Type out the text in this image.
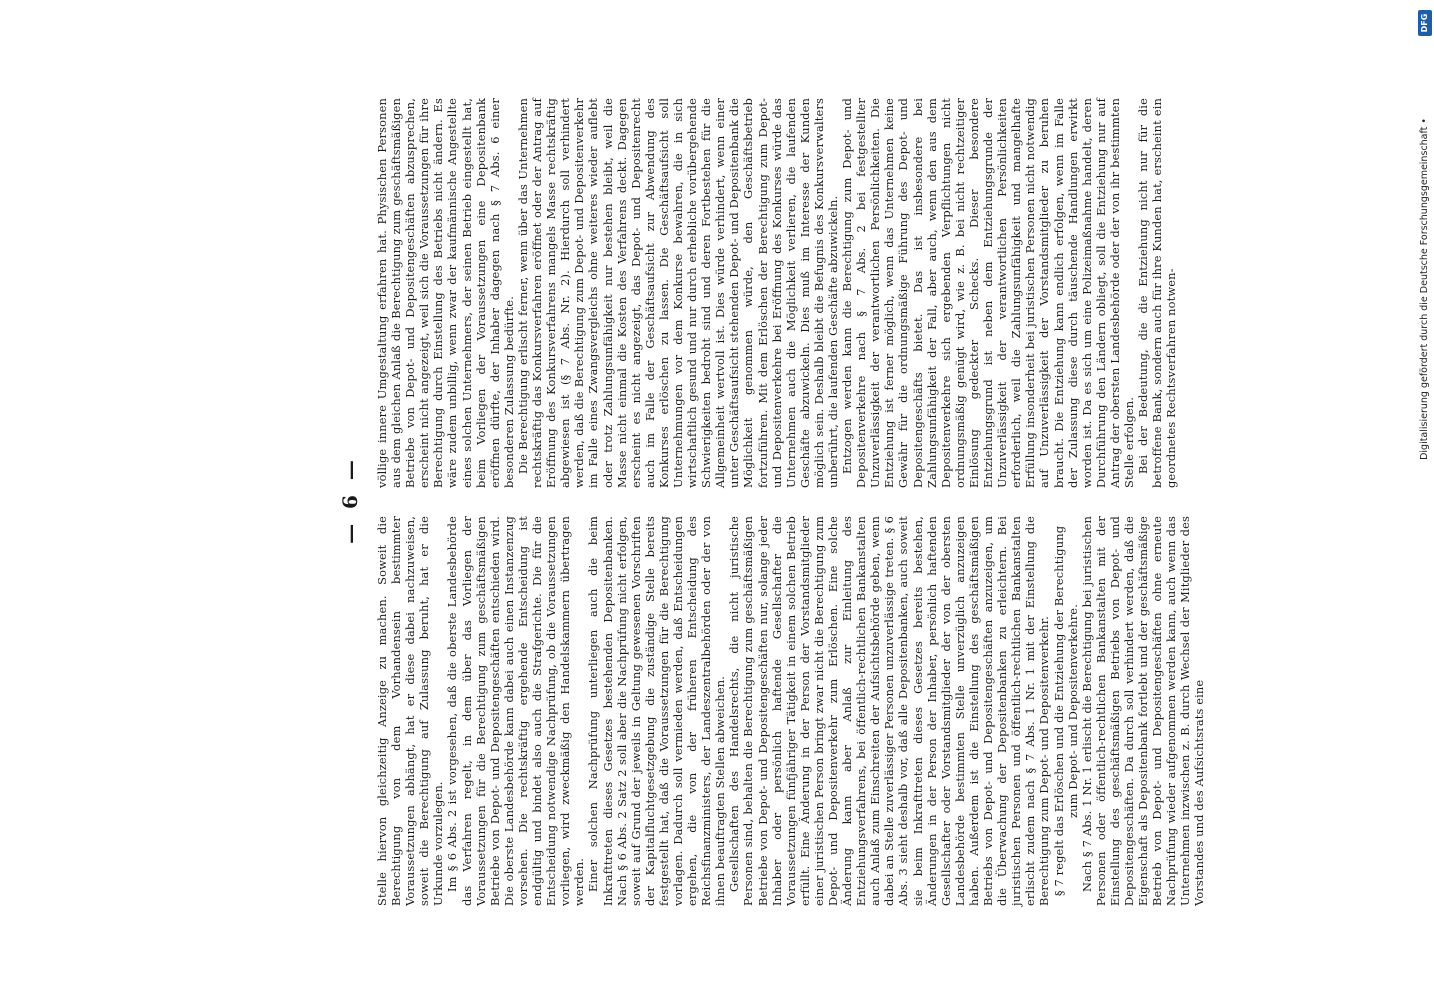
— 6 —

Stelle hiervon gleichzeitig Anzeige zu machen. Soweit die Berechtigung von dem Vorhandensein bestimmter Voraussetzungen abhängt, hat er diese dabei nachzuweisen, soweit die Berechtigung auf Zulassung beruht, hat er die Urkunde vorzulegen. Im § 6 Abs. 2 ist vorgesehen, daß die oberste Landesbehörde das Verfahren regelt, in dem über das Vorliegen der Voraussetzungen für die Berechtigung zum geschäftsmäßigen Betriebe von Depot- und Depositengeschäften entschieden wird. Die oberste Landesbehörde kann dabei auch einen Instanzenzug vorsehen. Die rechtskräftig ergehende Entscheidung ist endgültig und bindet also auch die Strafgerichte. Die für die Entscheidung notwendige Nachprüfung, ob die Voraussetzungen vorliegen, wird zweckmäßig den Handelskammern übertragen werden. Einer solchen Nachprüfung unterliegen auch die beim Inkrafttreten dieses Gesetzes bestehenden Depositenbanken. Nach § 6 Abs. 2 Satz 2 soll aber die Nachprüfung nicht erfolgen, soweit auf Grund der jeweils in Geltung gewesenen Vorschriften der Kapitalfluchtgesetzgebung die zuständige Stelle bereits festgestellt hat, daß die Voraussetzungen für die Berechtigung vorlagen. Dadurch soll vermieden werden, daß Entscheidungen ergehen, die von der früheren Entscheidung des Reichsfinanzministers, der Landeszentralbehörden oder der von ihnen beauftragten Stellen abweichen. Gesellschaften des Handelsrechts, die nicht juristische Personen sind, behalten die Berechtigung zum geschäftsmäßigen Betriebe von Depot- und Depositengeschäften nur, solange jeder Inhaber oder persönlich haftende Gesellschafter die Voraussetzungen fünfjähriger Tätigkeit in einem solchen Betrieb erfüllt. Eine Änderung in der Person der Vorstandsmitglieder einer juristischen Person bringt zwar nicht die Berechtigung zum Depot- und Depositenverkehr zum Erlöschen. Eine solche Änderung kann aber Anlaß zur Einleitung des Entziehungsverfahrens, bei öffentlich-rechtlichen Bankanstalten auch Anlaß zum Einschreiten der Aufsichtsbehörde geben, wenn dabei an Stelle zuverlässiger Personen unzuverlässige treten. § 6 Abs. 3 sieht deshalb vor, daß alle Depositenbanken, auch soweit sie beim Inkrafttreten dieses Gesetzes bereits bestehen, Änderungen in der Person der Inhaber, persönlich haftenden Gesellschafter oder Vorstandsmitglieder der von der obersten Landesbehörde bestimmten Stelle unverzüglich anzuzeigen haben. Außerdem ist die Einstellung des geschäftsmäßigen Betriebs von Depot- und Depositengeschäften anzuzeigen, um die Überwachung der Depositenbanken zu erleichtern. Bei juristischen Personen und öffentlich-rechtlichen Bankanstalten erlischt zudem nach § 7 Abs. 1 Nr. 1 mit der Einstellung die Berechtigung zum Depot- und Depositenverkehr. § 7 regelt das Erlöschen und die Entziehung der Berechtigung zum Depot- und Depositenverkehre. Nach § 7 Abs. 1 Nr. 1 erlischt die Berechtigung bei juristischen Personen oder öffentlich-rechtlichen Bankanstalten mit der Einstellung des geschäftsmäßigen Betriebs von Depot- und Depositengeschäften. Da durch soll verhindert werden, daß die Eigenschaft als Depositenbank fortlebt und der geschäftsmäßige Betrieb von Depot- und Depositengeschäften ohne erneute Nachprüfung wieder aufgenommen werden kann, auch wenn das Unternehmen inzwischen z. B. durch Wechsel der Mitglieder des Vorstandes und des Aufsichtsrats eine

völlige innere Umgestaltung erfahren hat. Physischen Personen aus dem gleichen Anlaß die Berechtigung zum geschäftsmäßigen Betriebe von Depot- und Depositengeschäften abzusprechen, erscheint nicht angezeigt, weil sich die Voraussetzungen für ihre Berechtigung durch Einstellung des Betriebs nicht ändern. Es wäre zudem unbillig, wenn zwar der kaufmännische Angestellte eines solchen Unternehmers, der seinen Betrieb eingestellt hat, beim Vorliegen der Voraussetzungen eine Depositenbank eröffnen dürfte, der Inhaber dagegen nach § 7 Abs. 6 einer besonderen Zulassung bedürfte. Die Berechtigung erlischt ferner, wenn über das Unternehmen rechtskräftig das Konkursverfahren eröffnet oder der Antrag auf Eröffnung des Konkursverfahrens mangels Masse rechtskräftig abgewiesen ist (§ 7 Abs. Nr. 2). Hierdurch soll verhindert werden, daß die Berechtigung zum Depot- und Depositenverkehr im Falle eines Zwangsvergleichs ohne weiteres wieder auflebt oder trotz Zahlungsunfähigkeit nur bestehen bleibt, weil die Masse nicht einmal die Kosten des Verfahrens deckt. Dagegen erscheint es nicht angezeigt, das Depot- und Depositenrecht auch im Falle der Geschäftsaufsicht zur Abwendung des Konkurses erlöschen zu lassen. Die Geschäftsaufsicht soll Unternehmungen vor dem Konkurse bewahren, die in sich wirtschaftlich gesund und nur durch erhebliche vorübergehende Schwierigkeiten bedroht sind und deren Fortbestehen für die Allgemeinheit wertvoll ist. Dies würde verhindert, wenn einer unter Geschäftsaufsicht stehenden Depot- und Depositenbank die Möglichkeit genommen würde, den Geschäftsbetrieb fortzuführen. Mit dem Erlöschen der Berechtigung zum Depot- und Depositenverkehre bei Eröffnung des Konkurses würde das Unternehmen auch die Möglichkeit verlieren, die laufenden Geschäfte abzuwickeln. Dies muß im Interesse der Kunden möglich sein. Deshalb bleibt die Befugnis des Konkursverwalters unberührt, die laufenden Geschäfte abzuwickeln. Entzogen werden kann die Berechtigung zum Depot- und Depositenverkehre nach § 7 Abs. 2 bei festgestellter Unzuverlässigkeit der verantwortlichen Persönlichkeiten. Die Entziehung ist ferner möglich, wenn das Unternehmen keine Gewähr für die ordnungsmäßige Führung des Depot- und Depositengeschäfts bietet. Das ist insbesondere bei Zahlungsunfähigkeit der Fall, aber auch, wenn den aus dem Depositenverkehre sich ergebenden Verpflichtungen nicht ordnungsmäßig genügt wird, wie z. B. bei nicht rechtzeitiger Einlösung gedeckter Schecks. Dieser besondere Entziehungsgrund ist neben dem Entziehungsgrunde der Unzuverlässigkeit der verantwortlichen Persönlichkeiten erforderlich, weil die Zahlungsunfähigkeit und mangelhafte Erfüllung insonderheit bei juristischen Personen nicht notwendig auf Unzuverlässigkeit der Vorstandsmitglieder zu beruhen braucht. Die Entziehung kann endlich erfolgen, wenn im Falle der Zulassung diese durch täuschende Handlungen erwirkt worden ist. Da es sich um eine Polizeimaßnahme handelt, deren Durchführung den Ländern obliegt, soll die Entziehung nur auf Antrag der obersten Landesbehörde oder der von ihr bestimmten Stelle erfolgen. Bei der Bedeutung, die die Entziehung nicht nur für die betroffene Bank, sondern auch für ihre Kunden hat, erscheint ein geordnetes Rechtsverfahren notwen-

DFG
Digitalisierung gefördert durch die Deutsche Forschungsgemeinschaft •
